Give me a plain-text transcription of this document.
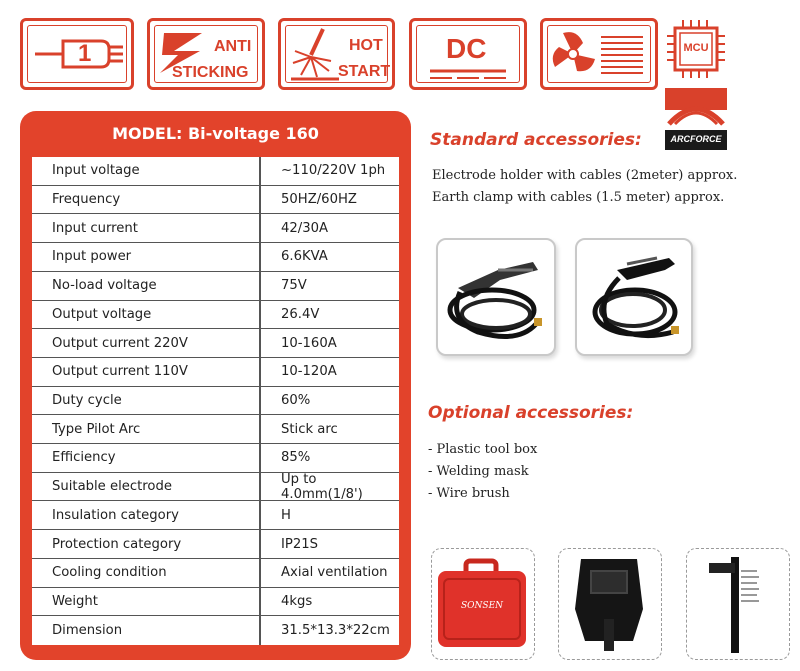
1	ANTI
STICKING
HOT
START
DC	MCU
ARCFORCE
MODEL: Bi-voltage 160
Input voltage	~110/220V 1ph
Frequency	50HZ/60HZ
Input current	42/30A
Input power	6.6KVA
No-load voltage	75V
Output voltage	26.4V
Output current 220V	10-160A
Output current 110V	10-120A
Duty cycle	60%
Type Pilot Arc	Stick arc
Efficiency	85%
Suitable electrode	Up to 4.0mm(1/8')
Insulation category	H
Protection category	IP21S
Cooling condition	Axial ventilation
Weight	4kgs
Dimension	31.5*13.3*22cm
Standard accessories:
Electrode holder with cables (2meter) approx.
Earth clamp with cables (1.5 meter) approx.
Optional accessories:
- Plastic tool box
- Welding mask
- Wire brush
SONSEN
